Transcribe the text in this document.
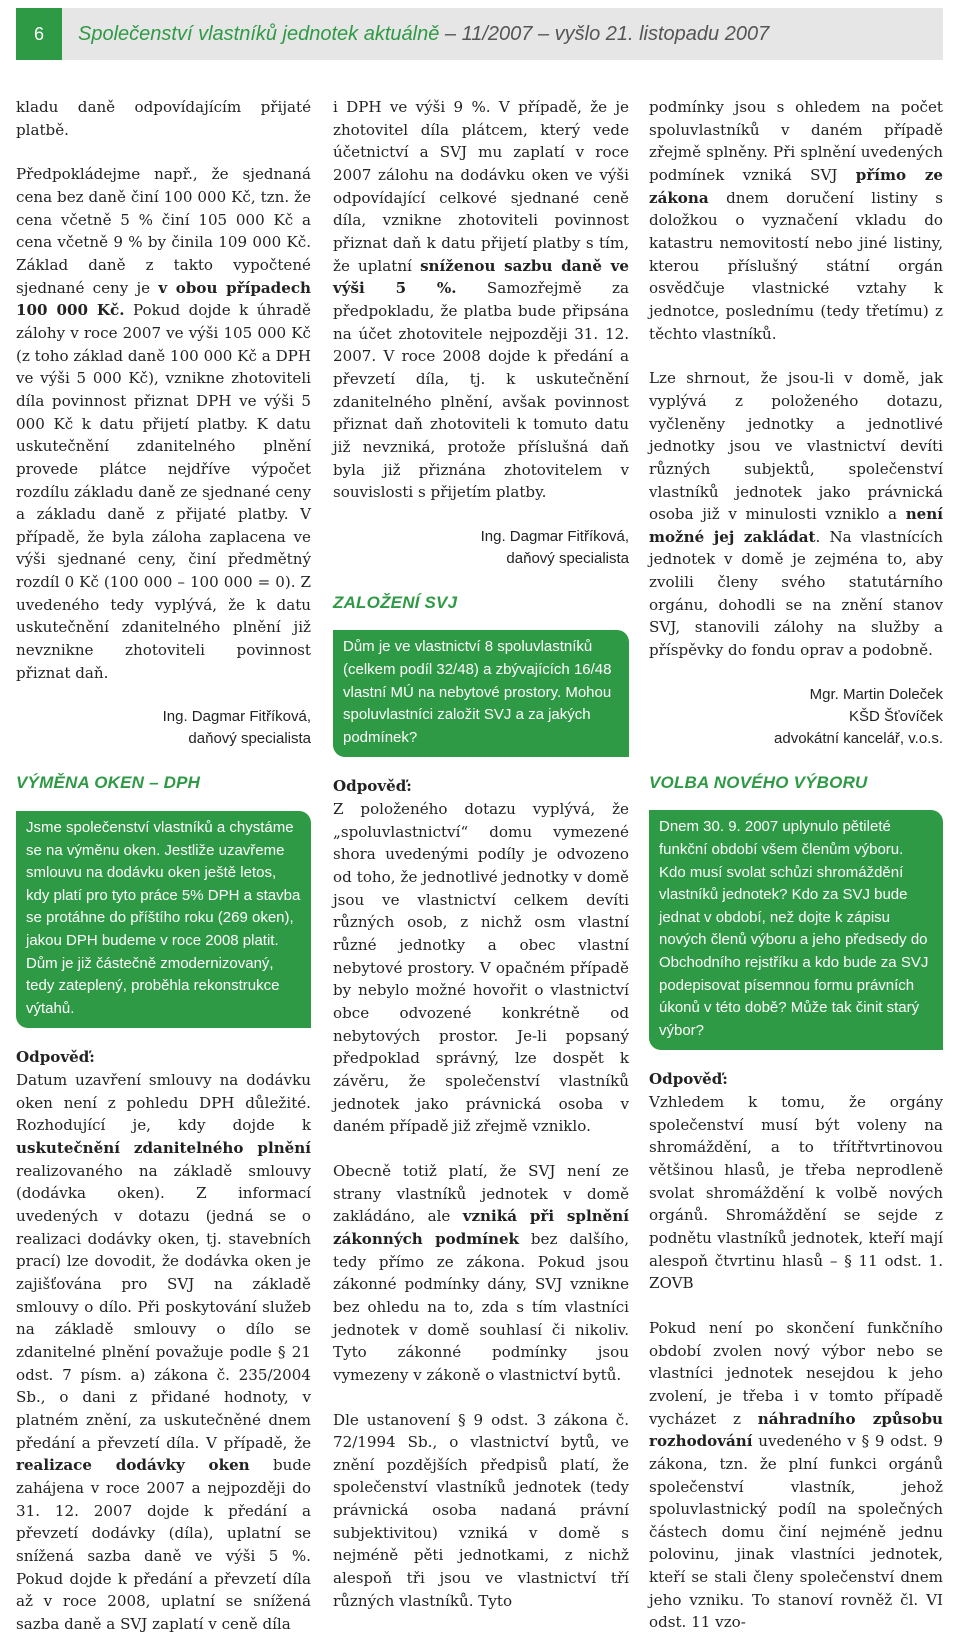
6	Společenství vlastníků jednotek aktuálně – 11/2007 – vyšlo 21. listopadu 2007

kladu daně odpovídajícím přijaté platbě.

Předpokládejme např., že sjednaná cena bez daně činí 100 000 Kč, tzn. že cena včetně 5 % činí 105 000 Kč a cena včetně 9 % by činila 109 000 Kč. Základ daně z takto vypočtené sjednané ceny je v obou případech 100 000 Kč. Pokud dojde k úhradě zálohy v roce 2007 ve výši 105 000 Kč (z toho základ daně 100 000 Kč a DPH ve výši 5 000 Kč), vznikne zhotoviteli díla povinnost přiznat DPH ve výši 5 000 Kč k datu přijetí platby. K datu uskutečnění zdanitelného plnění provede plátce nejdříve výpočet rozdílu základu daně ze sjednané ceny a základu daně z přijaté platby. V případě, že byla záloha zaplacena ve výši sjednané ceny, činí předmětný rozdíl 0 Kč (100 000 – 100 000 = 0). Z uvedeného tedy vyplývá, že k datu uskutečnění zdanitelného plnění již nevznikne zhotoviteli povinnost přiznat daň.

Ing. Dagmar Fitříková,
daňový specialista
VÝMĚNA OKEN – DPH
Jsme společenství vlastníků a chystáme se na výměnu oken. Jestliže uzavřeme smlouvu na dodávku oken ještě letos, kdy platí pro tyto práce 5% DPH a stavba se protáhne do příštího roku (269 oken), jakou DPH budeme v roce 2008 platit. Dům je již částečně zmodernizovaný, tedy zateplený, proběhla rekonstrukce výtahů.

Odpověď:

Datum uzavření smlouvy na dodávku oken není z pohledu DPH důležité. Rozhodující je, kdy dojde k uskutečnění zdanitelného plnění realizovaného na základě smlouvy (dodávka oken). Z informací uvedených v dotazu (jedná se o realizaci dodávky oken, tj. stavebních prací) lze dovodit, že dodávka oken je zajišťována pro SVJ na základě smlouvy o dílo. Při poskytování služeb na základě smlouvy o dílo se zdanitelné plnění považuje podle § 21 odst. 7 písm. a) zákona č. 235/2004 Sb., o dani z přidané hodnoty, v platném znění, za uskutečněné dnem předání a převzetí díla. V případě, že realizace dodávky oken bude zahájena v roce 2007 a nejpozději do 31. 12. 2007 dojde k předání a převzetí dodávky (díla), uplatní se snížená sazba daně ve výši 5 %. Pokud dojde k předání a převzetí díla až v roce 2008, uplatní se snížená sazba daně a SVJ zaplatí v ceně díla

i DPH ve výši 9 %. V případě, že je zhotovitel díla plátcem, který vede účetnictví a SVJ mu zaplatí v roce 2007 zálohu na dodávku oken ve výši odpovídající celkové sjednané ceně díla, vznikne zhotoviteli povinnost přiznat daň k datu přijetí platby s tím, že uplatní sníženou sazbu daně ve výši 5 %. Samozřejmě za předpokladu, že platba bude připsána na účet zhotovitele nejpozději 31. 12. 2007. V roce 2008 dojde k předání a převzetí díla, tj. k uskutečnění zdanitelného plnění, avšak povinnost přiznat daň zhotoviteli k tomuto datu již nevzniká, protože příslušná daň byla již přiznána zhotovitelem v souvislosti s přijetím platby.

Ing. Dagmar Fitříková,
daňový specialista
ZALOŽENÍ SVJ
Dům je ve vlastnictví 8 spoluvlastníků (celkem podíl 32/48) a zbývajících 16/48 vlastní MÚ na nebytové prostory. Mohou spoluvlastníci založit SVJ a za jakých podmínek?

Odpověď:

Z položeného dotazu vyplývá, že „spoluvlastnictví“ domu vymezené shora uvedenými podíly je odvozeno od toho, že jednotlivé jednotky v domě jsou ve vlastnictví celkem devíti různých osob, z nichž osm vlastní různé jednotky a obec vlastní nebytové prostory. V opačném případě by nebylo možné hovořit o vlastnictví obce odvozené konkrétně od nebytových prostor. Je-li popsaný předpoklad správný, lze dospět k závěru, že společenství vlastníků jednotek jako právnická osoba v daném případě již zřejmě vzniklo.

Obecně totiž platí, že SVJ není ze strany vlastníků jednotek v domě zakládáno, ale vzniká při splnění zákonných podmínek bez dalšího, tedy přímo ze zákona. Pokud jsou zákonné podmínky dány, SVJ vznikne bez ohledu na to, zda s tím vlastníci jednotek v domě souhlasí či nikoliv. Tyto zákonné podmínky jsou vymezeny v zákoně o vlastnictví bytů.

Dle ustanovení § 9 odst. 3 zákona č. 72/1994 Sb., o vlastnictví bytů, ve znění pozdějších předpisů platí, že společenství vlastníků jednotek (tedy právnická osoba nadaná právní subjektivitou) vzniká v domě s nejméně pěti jednotkami, z nichž alespoň tři jsou ve vlastnictví tří různých vlastníků. Tyto

podmínky jsou s ohledem na počet spoluvlastníků v daném případě zřejmě splněny. Při splnění uvedených podmínek vzniká SVJ přímo ze zákona dnem doručení listiny s doložkou o vyznačení vkladu do katastru nemovitostí nebo jiné listiny, kterou příslušný státní orgán osvědčuje vlastnické vztahy k jednotce, poslednímu (tedy třetímu) z těchto vlastníků.

Lze shrnout, že jsou-li v domě, jak vyplývá z položeného dotazu, vyčleněny jednotky a jednotlivé jednotky jsou ve vlastnictví devíti různých subjektů, společenství vlastníků jednotek jako právnická osoba již v minulosti vzniklo a není možné jej zakládat. Na vlastnících jednotek v domě je zejména to, aby zvolili členy svého statutárního orgánu, dohodli se na znění stanov SVJ, stanovili zálohy na služby a příspěvky do fondu oprav a podobně.

Mgr. Martin Doleček
KŠD Šťovíček
advokátní kancelář, v.o.s.
VOLBA NOVÉHO VÝBORU
Dnem 30. 9. 2007 uplynulo pětileté funkční období všem členům výboru. Kdo musí svolat schůzi shromáždění vlastníků jednotek? Kdo za SVJ bude jednat v období, než dojte k zápisu nových členů výboru a jeho předsedy do Obchodního rejstříku a kdo bude za SVJ podepisovat písemnou formu právních úkonů v této době? Může tak činit starý výbor?

Odpověď:

Vzhledem k tomu, že orgány společenství musí být voleny na shromáždění, a to třítřtvrtinovou většinou hlasů, je třeba neprodleně svolat shromáždění k volbě nových orgánů. Shromáždění se sejde z podnětu vlastníků jednotek, kteří mají alespoň čtvrtinu hlasů – § 11 odst. 1. ZOVB

Pokud není po skončení funkčního období zvolen nový výbor nebo se vlastníci jednotek nesejdou k jeho zvolení, je třeba i v tomto případě vycházet z náhradního způsobu rozhodování uvedeného v § 9 odst. 9 zákona, tzn. že plní funkci orgánů společenství vlastník, jehož spoluvlastnický podíl na společných částech domu činí nejméně jednu polovinu, jinak vlastníci jednotek, kteří se stali členy společenství dnem jeho vzniku. To stanoví rovněž čl. VI odst. 11 vzo-
